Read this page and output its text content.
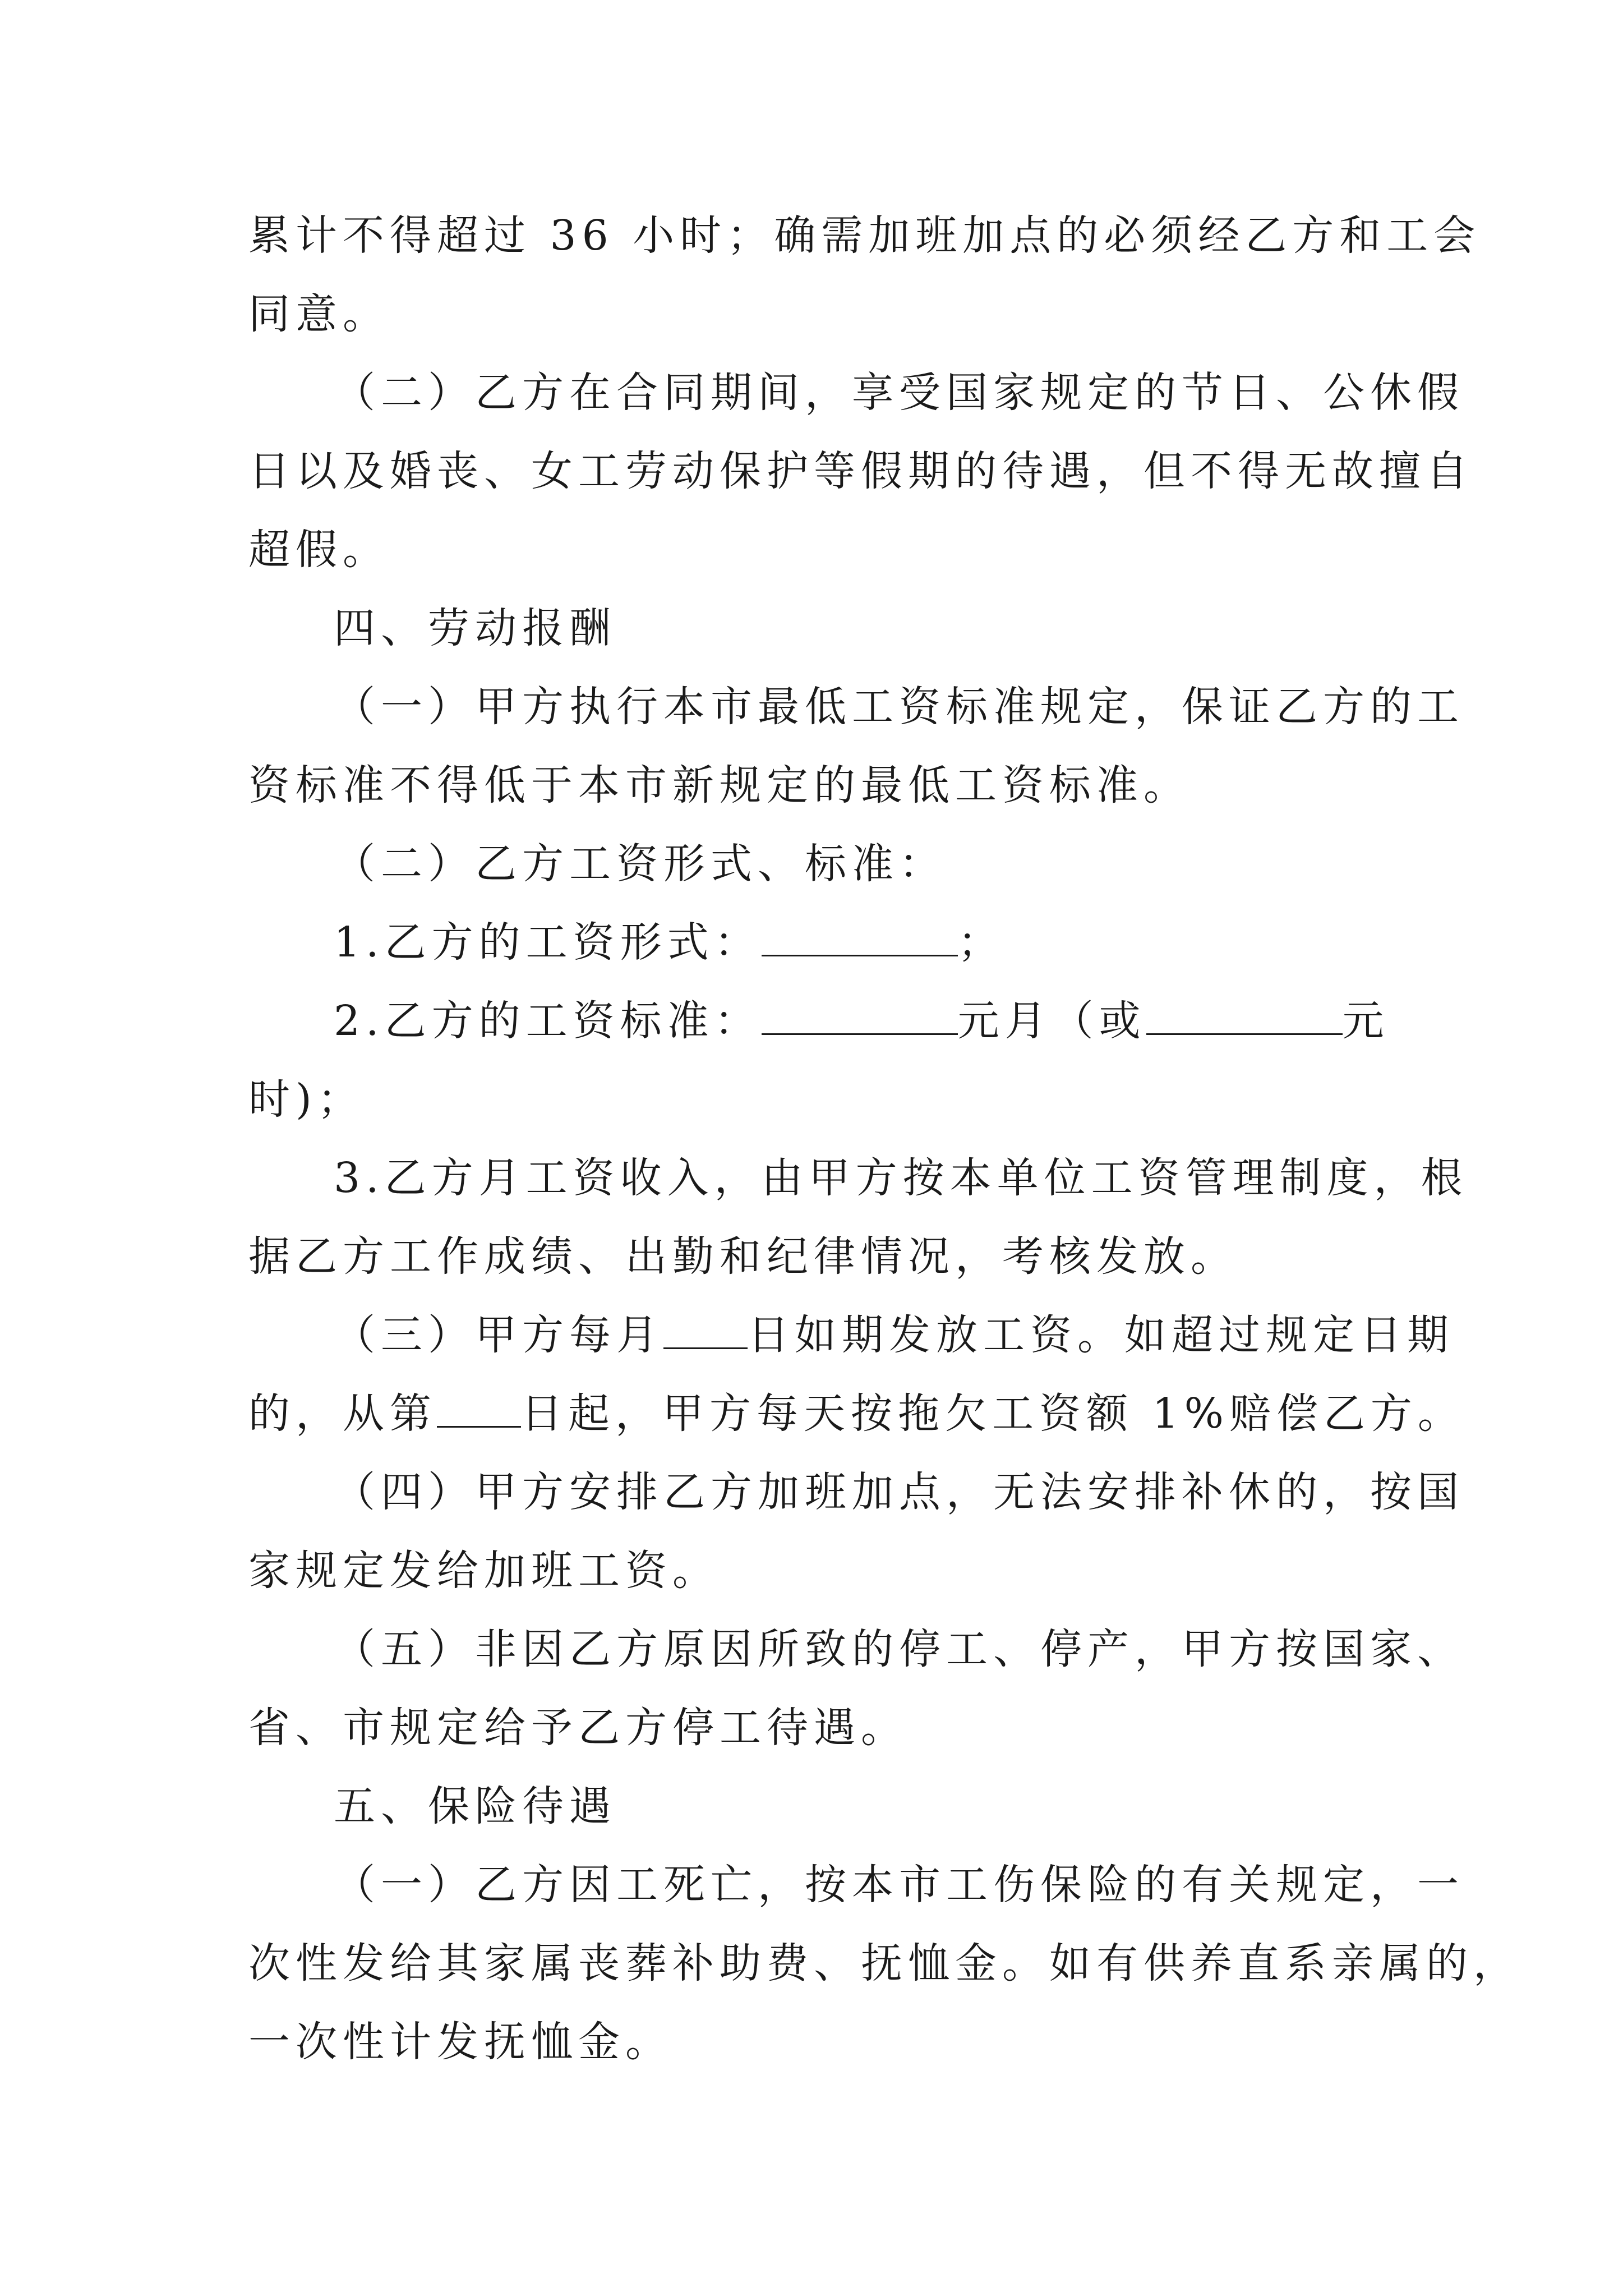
累计不得超过 36 小时；确需加班加点的必须经乙方和工会
同意。
（二）乙方在合同期间，享受国家规定的节日、公休假
日以及婚丧、女工劳动保护等假期的待遇，但不得无故擅自
超假。
四、劳动报酬
（一）甲方执行本市最低工资标准规定，保证乙方的工
资标准不得低于本市新规定的最低工资标准。
（二）乙方工资形式、标准：
1.乙方的工资形式：	；
2.乙方的工资标准：	元月（或	元
时)；
3.乙方月工资收入，由甲方按本单位工资管理制度，根
据乙方工作成绩、出勤和纪律情况，考核发放。
（三）甲方每月 日如期发放工资。如超过规定日期
的，从第 日起，甲方每天按拖欠工资额 1%赔偿乙方。
（四）甲方安排乙方加班加点，无法安排补休的，按国
家规定发给加班工资。
（五）非因乙方原因所致的停工、停产，甲方按国家、
省、市规定给予乙方停工待遇。
五、保险待遇
（一）乙方因工死亡，按本市工伤保险的有关规定，一
次性发给其家属丧葬补助费、抚恤金。如有供养直系亲属的，
一次性计发抚恤金。
